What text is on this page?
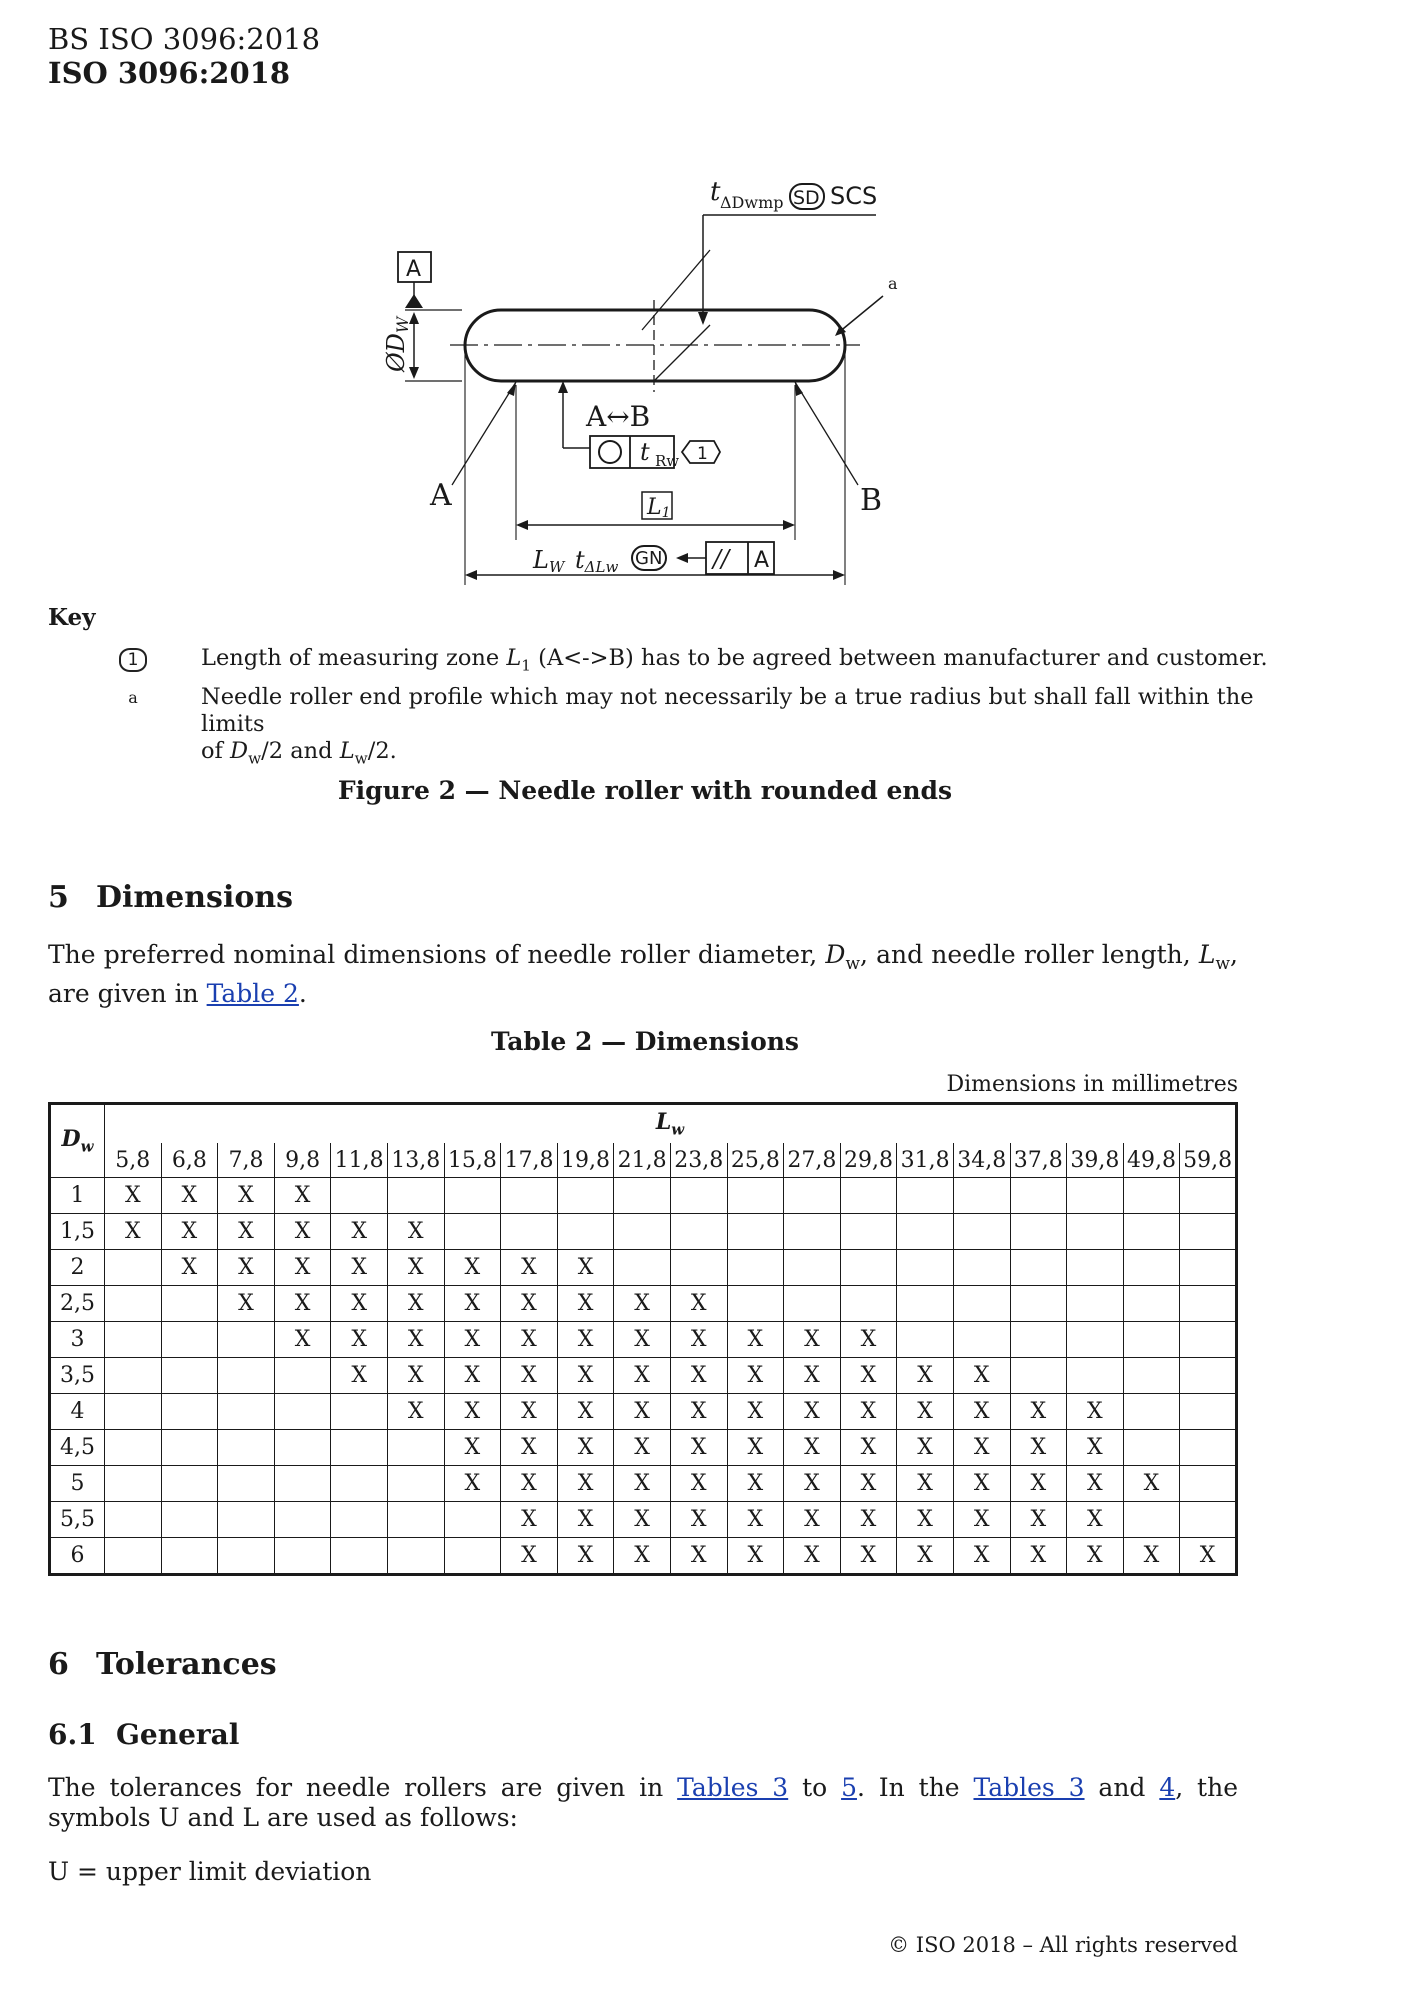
BS ISO 3096:2018
ISO 3096:2018
t ΔDwmp SD SCS
a
A
ØDW
A↔B
t Rw 1
A	B
L1
LW tΔLw GN // A
Key
1	Length of measuring zone $L_1$ (A<->B) has to be agreed between manufacturer and customer.
a	Needle roller end profile which may not necessarily be a true radius but shall fall within the limits
of $D_w/2$ and $L_w/2$.
Figure 2 — Needle roller with rounded ends
5 Dimensions
The preferred nominal dimensions of needle roller diameter, $D_w$, and needle roller length, $L_w$, are given in Table 2.
Table 2 — Dimensions
Dimensions in millimetres
$D_w$	$L_w$
	5,8	6,8	7,8	9,8	11,8	13,8	15,8	17,8	19,8	21,8	23,8	25,8	27,8	29,8	31,8	34,8	37,8	39,8	49,8	59,8
1	X	X	X	X																
1,5	X	X	X	X	X	X														
2		X	X	X	X	X	X	X	X											
2,5			X	X	X	X	X	X	X	X	X									
3				X	X	X	X	X	X	X	X	X	X	X						
3,5					X	X	X	X	X	X	X	X	X	X	X	X				
4						X	X	X	X	X	X	X	X	X	X	X	X	X		
4,5							X	X	X	X	X	X	X	X	X	X	X	X		
5							X	X	X	X	X	X	X	X	X	X	X	X	X	
5,5								X	X	X	X	X	X	X	X	X	X	X		
6								X	X	X	X	X	X	X	X	X	X	X	X	X
6 Tolerances
6.1 General
The tolerances for needle rollers are given in Tables 3 to 5. In the Tables 3 and 4, the symbols U and L are used as follows:
U = upper limit deviation
© ISO 2018 – All rights reserved
